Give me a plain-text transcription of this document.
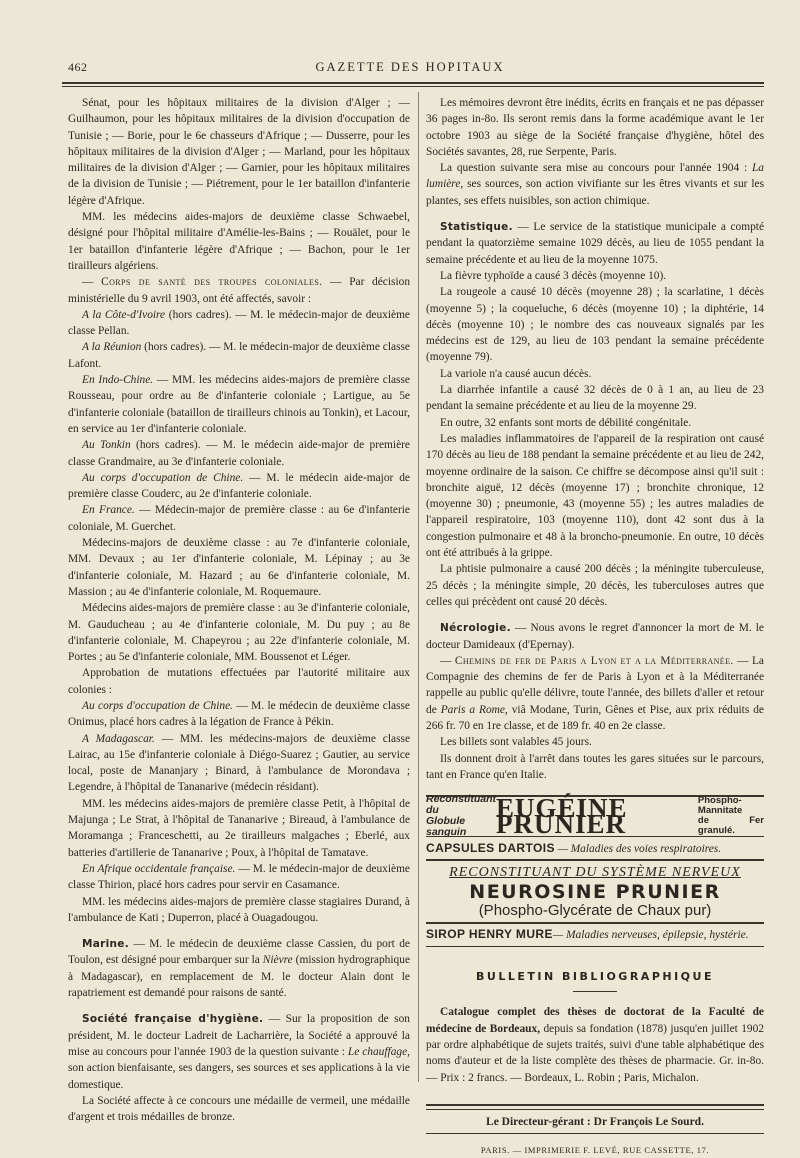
462	GAZETTE DES HOPITAUX

Sénat, pour les hôpitaux militaires de la division d'Alger ; — Guilhaumon, pour les hôpitaux militaires de la division d'occupation de Tunisie ; — Borie, pour le 6e chasseurs d'Afrique ; — Dusserre, pour les hôpitaux militaires de la division d'Alger ; — Marland, pour les hôpitaux militaires de la division d'Alger ; — Garnier, pour les hôpitaux militaires de la division de Tunisie ; — Piétrement, pour le 1er bataillon d'infanterie légère d'Afrique.

MM. les médecins aides-majors de deuxième classe Schwaebel, désigné pour l'hôpital militaire d'Amélie-les-Bains ; — Rouälet, pour le 1er bataillon d'infanterie légère d'Afrique ; — Bachon, pour le 1er tirailleurs algériens.

— Corps de santé des troupes coloniales. — Par décision ministérielle du 9 avril 1903, ont été affectés, savoir :

A la Côte-d'Ivoire (hors cadres). — M. le médecin-major de deuxième classe Pellan.

A la Réunion (hors cadres). — M. le médecin-major de deuxième classe Lafont.

En Indo-Chine. — MM. les médecins aides-majors de première classe Rousseau, pour ordre au 8e d'infanterie coloniale ; Lartigue, au 5e d'infanterie coloniale (bataillon de tirailleurs chinois au Tonkin), et Lacour, en service au 1er d'infanterie coloniale.

Au Tonkin (hors cadres). — M. le médecin aide-major de première classe Grandmaire, au 3e d'infanterie coloniale.

Au corps d'occupation de Chine. — M. le médecin aide-major de première classe Couderc, au 2e d'infanterie coloniale.

En France. — Médecin-major de première classe : au 6e d'infanterie coloniale, M. Guerchet.

Médecins-majors de deuxième classe : au 7e d'infanterie coloniale, MM. Devaux ; au 1er d'infanterie coloniale, M. Lépinay ; au 3e d'infanterie coloniale, M. Hazard ; au 6e d'infanterie coloniale, M. Massion ; au 4e d'infanterie coloniale, M. Roquemaure.

Médecins aides-majors de première classe : au 3e d'infanterie coloniale, M. Gauducheau ; au 4e d'infanterie coloniale, M. Du puy ; au 8e d'infanterie coloniale, M. Chapeyrou ; au 22e d'infanterie coloniale, M. Portes ; au 5e d'infanterie coloniale, MM. Boussenot et Léger.

Approbation de mutations effectuées par l'autorité militaire aux colonies :

Au corps d'occupation de Chine. — M. le médecin de deuxième classe Onimus, placé hors cadres à la légation de France à Pékin.

A Madagascar. — MM. les médecins-majors de deuxième classe Lairac, au 15e d'infanterie coloniale à Diégo-Suarez ; Gautier, au service local, poste de Mananjary ; Binard, à l'ambulance de Morondava ; Legendre, à l'hôpital de Tananarive (médecin résidant).

MM. les médecins aides-majors de première classe Petit, à l'hôpital de Majunga ; Le Strat, à l'hôpital de Tananarive ; Bireaud, à l'ambulance de Moramanga ; Franceschetti, au 2e tirailleurs malgaches ; Eberlé, aux batteries d'artillerie de Tananarive ; Poux, à l'hôpital de Tamatave.

En Afrique occidentale française. — M. le médecin-major de deuxième classe Thirion, placé hors cadres pour servir en Casamance.

MM. les médecins aides-majors de première classe stagiaires Durand, à l'ambulance de Kati ; Duperron, placé à Ouagadougou.

Marine. — M. le médecin de deuxième classe Cassien, du port de Toulon, est désigné pour embarquer sur la Nièvre (mission hydrographique à Madagascar), en remplacement de M. le docteur Alain dont le rapatriement est demandé pour raisons de santé.

Société française d'hygiène. — Sur la proposition de son président, M. le docteur Ladreit de Lacharrière, la Société a approuvé la mise au concours pour l'année 1903 de la question suivante : Le chauffage, son action bienfaisante, ses dangers, ses sources et ses applications à la vie domestique.

La Société affecte à ce concours une médaille de vermeil, une médaille d'argent et trois médailles de bronze.

Les mémoires devront être inédits, écrits en français et ne pas dépasser 36 pages in-8o. Ils seront remis dans la forme académique avant le 1er octobre 1903 au siège de la Société française d'hygiène, hôtel des Sociétés savantes, 28, rue Serpente, Paris.

La question suivante sera mise au concours pour l'année 1904 : La lumière, ses sources, son action vivifiante sur les êtres vivants et sur les plantes, ses effets nuisibles, son action chimique.

Statistique. — Le service de la statistique municipale a compté pendant la quatorzième semaine 1029 décès, au lieu de 1055 pendant la semaine précédente et au lieu de la moyenne 1075.

La fièvre typhoïde a causé 3 décès (moyenne 10).

La rougeole a causé 10 décès (moyenne 28) ; la scarlatine, 1 décès (moyenne 5) ; la coqueluche, 6 décès (moyenne 10) ; la diphtérie, 14 décès (moyenne 10) ; le nombre des cas nouveaux signalés par les médecins est de 129, au lieu de 103 pendant la semaine précédente (moyenne 79).

La variole n'a causé aucun décès.

La diarrhée infantile a causé 32 décès de 0 à 1 an, au lieu de 23 pendant la semaine précédente et au lieu de la moyenne 29.

En outre, 32 enfants sont morts de débilité congénitale.

Les maladies inflammatoires de l'appareil de la respiration ont causé 170 décès au lieu de 188 pendant la semaine précédente et au lieu de 242, moyenne ordinaire de la saison. Ce chiffre se décompose ainsi qu'il suit : bronchite aiguë, 12 décès (moyenne 17) ; bronchite chronique, 12 (moyenne 30) ; pneumonie, 43 (moyenne 55) ; les autres maladies de l'appareil respiratoire, 103 (moyenne 110), dont 42 sont dus à la congestion pulmonaire et 48 à la broncho-pneumonie. En outre, 10 décès ont été attribués à la grippe.

La phtisie pulmonaire a causé 200 décès ; la méningite tuberculeuse, 25 décès ; la méningite simple, 20 décès, les tuberculoses autres que celles qui précèdent ont causé 20 décès.

Nécrologie. — Nous avons le regret d'annoncer la mort de M. le docteur Damideaux (d'Epernay).

— Chemins de fer de Paris a Lyon et a la Méditerranée. — La Compagnie des chemins de fer de Paris à Lyon et à la Méditerranée rappelle au public qu'elle délivre, toute l'année, des billets d'aller et retour de Paris a Rome, viâ Modane, Turin, Gênes et Pise, aux prix réduits de 266 fr. 70 en 1re classe, et de 189 fr. 40 en 2e classe.

Les billets sont valables 45 jours.

Ils donnent droit à l'arrêt dans toutes les gares situées sur le parcours, tant en France qu'en Italie.

Reconstituant du
Globule sanguin
EUGÉINE PRUNIER
Phospho-Mannitate
de Fer granulé.
CAPSULES DARTOIS — Maladies des voies respiratoires.
RECONSTITUANT DU SYSTÈME NERVEUX
NEUROSINE PRUNIER
(Phospho-Glycérate de Chaux pur)
SIROP HENRY MURE— Maladies nerveuses, épilepsie, hystérie.
BULLETIN BIBLIOGRAPHIQUE

Catalogue complet des thèses de doctorat de la Faculté de médecine de Bordeaux, depuis sa fondation (1878) jusqu'en juillet 1902 par ordre alphabétique de sujets traités, suivi d'une table alphabétique des noms d'auteur et de la liste complète des thèses de pharmacie. Gr. in-8o. — Prix : 2 francs. — Bordeaux, L. Robin ; Paris, Michalon.

Le Directeur-gérant : Dr François Le Sourd.
PARIS. — IMPRIMERIE F. LEVÉ, RUE CASSETTE, 17.
